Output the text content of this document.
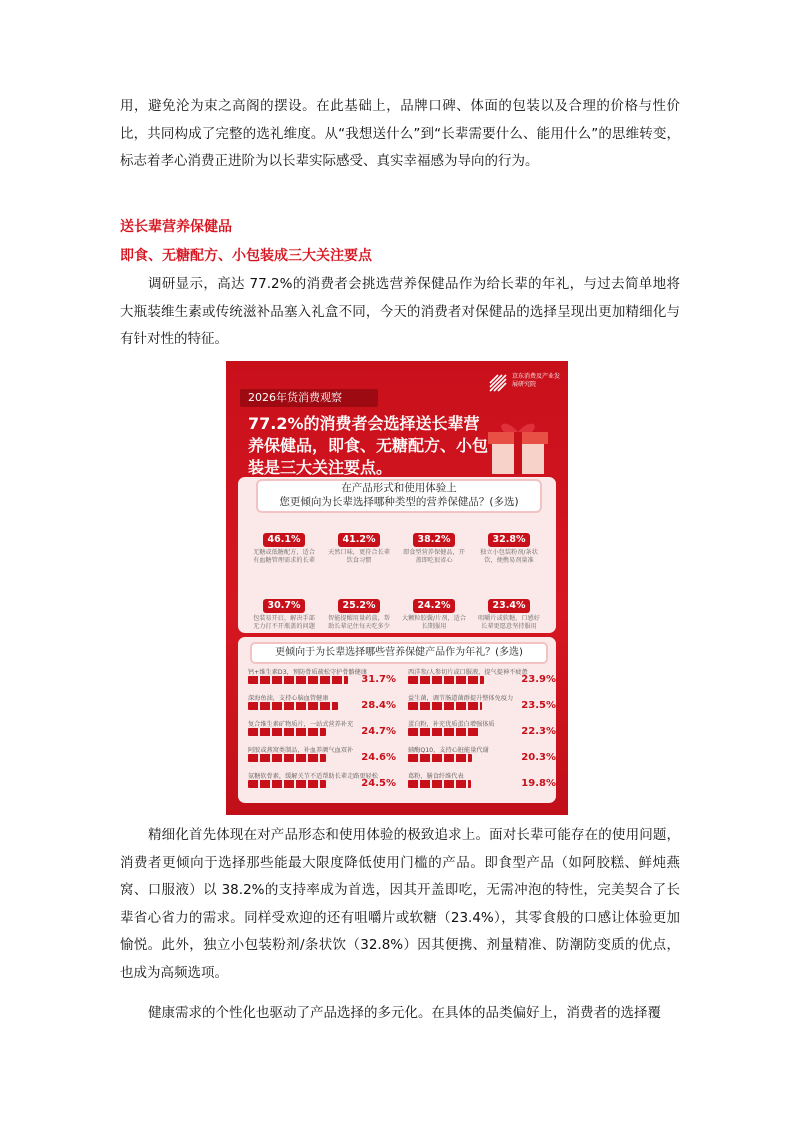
用，避免沦为束之高阁的摆设。在此基础上，品牌口碑、体面的包装以及合理的价格与性价比，共同构成了完整的选礼维度。从“我想送什么”到“长辈需要什么、能用什么”的思维转变，标志着孝心消费正进阶为以长辈实际感受、真实幸福感为导向的行为。

送长辈营养保健品
即食、无糖配方、小包装成三大关注要点

调研显示，高达 77.2%的消费者会挑选营养保健品作为给长辈的年礼，与过去简单地将大瓶装维生素或传统滋补品塞入礼盒不同，今天的消费者对保健品的选择呈现出更加精细化与有针对性的特征。

2026年货消费观察
京东消费及产业发展研究院
77.2%的消费者会选择送长辈营养保健品，即食、无糖配方、小包装是三大关注要点。
在产品形式和使用体验上
您更倾向为长辈选择哪种类型的营养保健品？(多选)
46.1%
无糖或低糖配方，适合有血糖管理需求的长辈
41.2%
天然口味，更符合长辈饮食习惯
38.2%
即食型营养保健品，开盖即吃很省心
32.8%
独立小包装粉剂/条状饮，便携易剂量准
30.7%
包装易开启，解决手部无力打不开瓶盖的问题
25.2%
智能提醒用量药盒，帮助长辈记住每天吃多少
24.2%
大颗粒胶囊/片剂，适合长期服用
23.4%
咀嚼片或软糖，口感好长辈更愿意坚持服用
更倾向于为长辈选择哪些营养保健产品作为年礼？(多选)
钙+维生素D3，预防骨质疏松守护骨骼健康
31.7%
深海鱼油，支持心脑血管健康
28.4%
复合维生素矿物质片，一站式营养补充
24.7%
阿胶或燕窝类制品，补血养颜气血双补
24.6%
氨糖软骨素，缓解关节不适帮助长辈走路更轻松
24.5%
西洋参/人参切片或口服液，提气提神不疲惫
23.9%
益生菌，调节肠道菌群提升整体免疫力
23.5%
蛋白粉，补充优质蛋白增强体质
22.3%
辅酶Q10，支持心脏能量代谢
20.3%
葛粉，膳食纤维代表
19.8%

精细化首先体现在对产品形态和使用体验的极致追求上。面对长辈可能存在的使用问题，消费者更倾向于选择那些能最大限度降低使用门槛的产品。即食型产品（如阿胶糕、鲜炖燕窝、口服液）以 38.2%的支持率成为首选，因其开盖即吃，无需冲泡的特性，完美契合了长辈省心省力的需求。同样受欢迎的还有咀嚼片或软糖（23.4%），其零食般的口感让体验更加愉悦。此外，独立小包装粉剂/条状饮（32.8%）因其便携、剂量精准、防潮防变质的优点，也成为高频选项。

健康需求的个性化也驱动了产品选择的多元化。在具体的品类偏好上，消费者的选择覆
